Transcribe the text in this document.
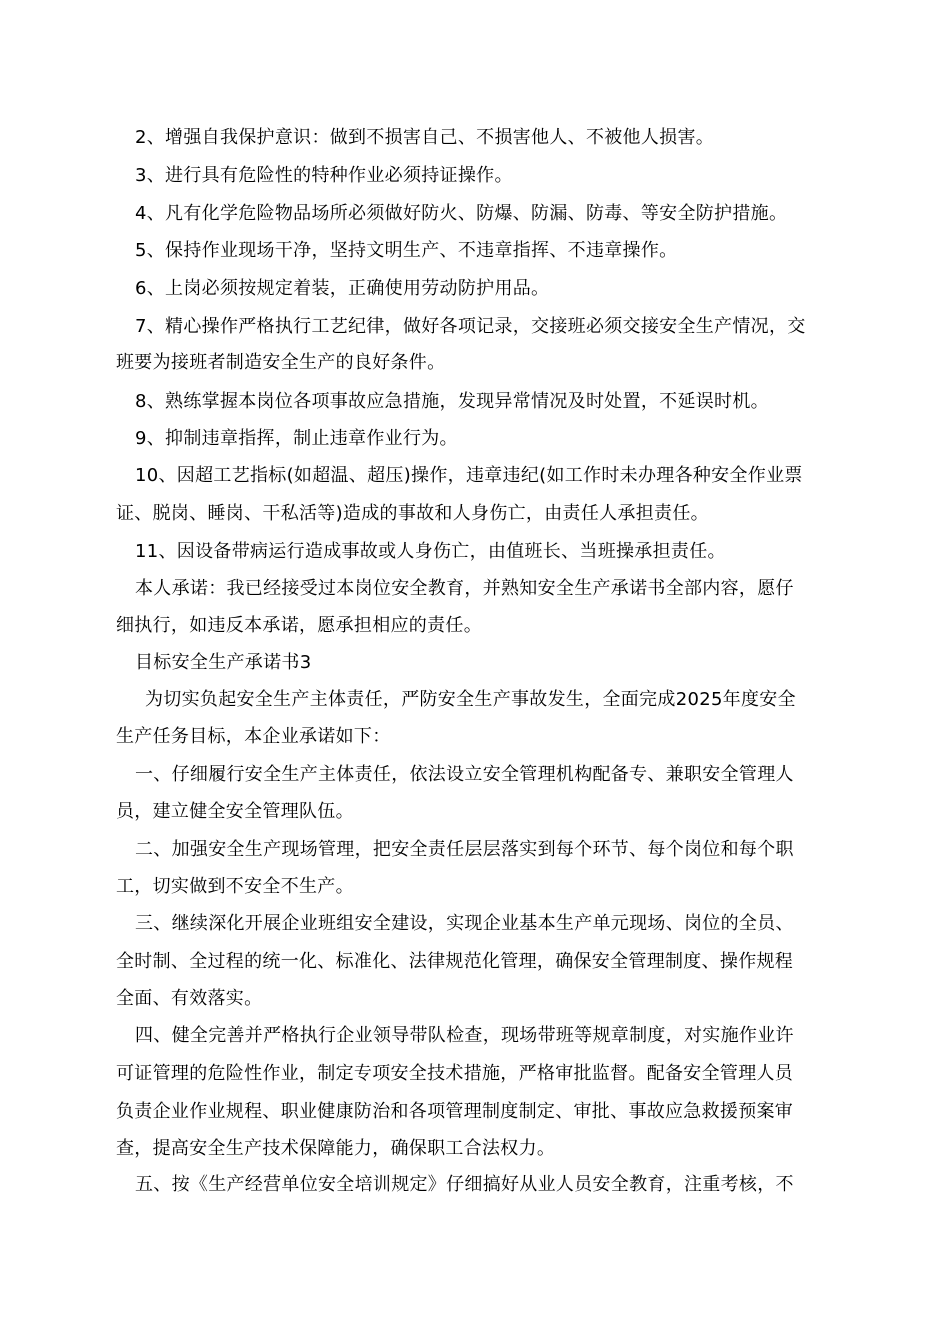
2、增强自我保护意识：做到不损害自己、不损害他人、不被他人损害。
3、进行具有危险性的特种作业必须持证操作。
4、凡有化学危险物品场所必须做好防火、防爆、防漏、防毒、等安全防护措施。
5、保持作业现场干净，坚持文明生产、不违章指挥、不违章操作。
6、上岗必须按规定着装，正确使用劳动防护用品。
7、精心操作严格执行工艺纪律，做好各项记录，交接班必须交接安全生产情况，交
班要为接班者制造安全生产的良好条件。
8、熟练掌握本岗位各项事故应急措施，发现异常情况及时处置，不延误时机。
9、抑制违章指挥，制止违章作业行为。
10、因超工艺指标(如超温、超压)操作，违章违纪(如工作时未办理各种安全作业票
证、脱岗、睡岗、干私活等)造成的事故和人身伤亡，由责任人承担责任。
11、因设备带病运行造成事故或人身伤亡，由值班长、当班操承担责任。
本人承诺：我已经接受过本岗位安全教育，并熟知安全生产承诺书全部内容，愿仔
细执行，如违反本承诺，愿承担相应的责任。
目标安全生产承诺书3
为切实负起安全生产主体责任，严防安全生产事故发生，全面完成2025年度安全
生产任务目标，本企业承诺如下：
一、仔细履行安全生产主体责任，依法设立安全管理机构配备专、兼职安全管理人
员，建立健全安全管理队伍。
二、加强安全生产现场管理，把安全责任层层落实到每个环节、每个岗位和每个职
工，切实做到不安全不生产。
三、继续深化开展企业班组安全建设，实现企业基本生产单元现场、岗位的全员、
全时制、全过程的统一化、标准化、法律规范化管理，确保安全管理制度、操作规程
全面、有效落实。
四、健全完善并严格执行企业领导带队检查，现场带班等规章制度，对实施作业许
可证管理的危险性作业，制定专项安全技术措施，严格审批监督。配备安全管理人员
负责企业作业规程、职业健康防治和各项管理制度制定、审批、事故应急救援预案审
查，提高安全生产技术保障能力，确保职工合法权力。
五、按《生产经营单位安全培训规定》仔细搞好从业人员安全教育，注重考核，不
